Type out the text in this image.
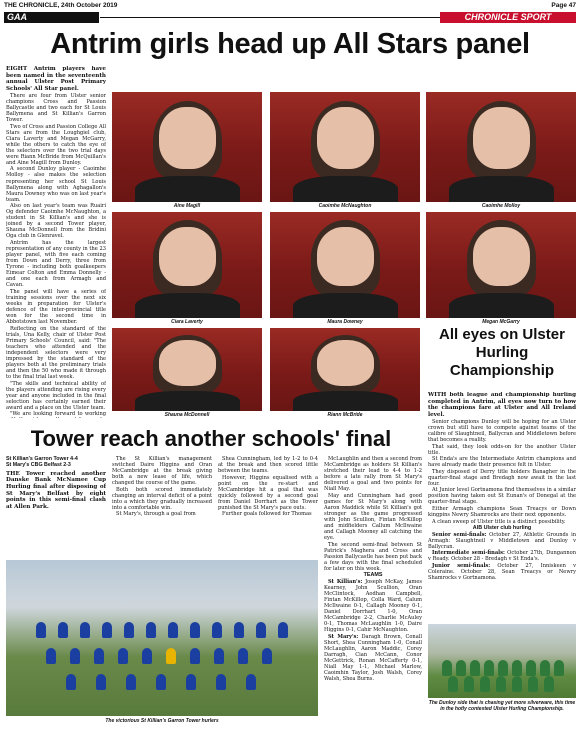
THE CHRONICLE, 24th October 2019	Page 47
GAA	CHRONICLE SPORT
Antrim girls head up All Stars panel

EIGHT Antrim players have been named in the seventeenth annual Ulster Post Primary Schools' All Star panel.

There are four from Ulster senior champions Cross and Passion Ballycastle and two each for St Louis Ballymena and St Killian's Garron Tower.

Two of Cross and Passion College All Stars are from the Loughgiel club, Ciara Laverty and Megan McGarry, while the others to catch the eye of the selectors over the two trial days were Riann McBride from McQuillan's and Aine Magill from Dunloy.

A second Dunloy player - Caoimhe Molloy - also makes the selection representing her school St Louis Ballymena along with Aghagallon's Maura Downey who was on last year's team.

Also on last year's team was Ruairi Og defender Caoimhe McNaughton, a student in St Killian's and she is joined by a second Tower player, Shauna McDonnell from the Bridini Oga club in Glenravel.

Antrim has the largest representation of any county in the 23 player panel, with five each coming from Down and Derry, three from Tyrone - including both goalkeepers Eimear Colton and Emma Donnelly - and one each from Armagh and Cavan.

The panel will have a series of training sessions over the next six weeks in preparation for Ulster's defence of the inter-provincial title won for the second time in Abbotstown last November.

Reflecting on the standard of the trials, Una Kelly, chair of Ulster Post Primary Schools' Council, said: "The teachers who attended and the independent selectors were very impressed by the standard of the players both at the preliminary trials and then the 50 who made it through to the final trial last week.

"The skills and technical ability of the players attending are rising every year and anyone included in the final selection has certainly earned their award and a place on the Ulster team.

"We are looking forward to working

Aine Magill	Caoimhe McNaughton	Caoimhe Molloy
Ciara Laverty	Maura Downey	Megan McGarry
Shauna McDonnell	Riann McBride
All eyes on Ulster Hurling Championship

WITH both league and championship hurling completed in Antrim, all eyes now turn to how the champions fare at Ulster and All Ireland level.

Senior champions Dunloy will be hoping for an Ulster crown but still have to compete against teams of the calibre of Slaughtneil, Ballycran and Middletown before that becomes a reality.

That said, they look odds-on for the another Ulster title.

St Enda's are the Intermediate Antrim champions and have already made their presence felt in Ulster.

They disposed of Derry title holders Banagher in the quarter-final stage and Bredagh now await in the last four.

At Junior level Gortnamona find themselves in a similar position having taken out St Eunan's of Donegal at the quarter-final stage.

Either Armagh champions Sean Treacys or Down kingpins Newry Shamrocks are their next opponents.

A clean sweep of Ulster title is a distinct possibility.

AIB Ulster club hurling

Senior semi-finals: October 27, Athletic Grounds in Armagh: Slaughtneil v Middletown and Dunloy v Ballycran.

Intermediate semi-finals: October 27th, Dungannon v Ready. October 28 - Bredagh v St Enda's.

Junior semi-finals: October 27, Inniskeen v Coleraine. October 28, Sean Treacys or Newry Shamrocks v Gortnamona.

The Dunloy side that is chasing yet more silverware, this time in the hotly contested Ulster Hurling Championship.
Tower reach another schools' final
St Killian's Garron Tower 4-4
St Mary's CBG Belfast 2-3

THE Tower reached another Danske Bank McNamee Cup Hurling final after disposing of St Mary's Belfast by eight points in this semi-final clash at Allen Park.

The St Killian's management switched Daire Higgins and Oran McCambridge at the break giving both a new lease of life, which changed the course of the game.

Both both scored immediately changing an interval deficit of a point into a which they gradually increased into a comfortable win.

St Mary's, through a goal from

Shea Cunningham, led by 1-2 to 0-4 at the break and then scored little between the teams.

However, Higgins equalised with a point on the re-start and McCambridge hit a goal that was quickly followed by a second goal from Daniel Dorrhart as the Tower punished the St Mary's pace outs.

Further goals followed for Thomas

McLaughlin and then a second from McCambridge as holders St Killian's stretched their lead to 4-4 to 1-2 before a late rally from St Mary's delivered a goal and two points for Niall May.

May and Cunningham had good games for St Mary's along with Aaron Maddick while St Killian's got stronger as the game progressed with John Scullion, Fintan McKillop and midfielders Callum McIlwaine and Callagh Mooney all catching the eye.

The second semi-final between St Patrick's Maghera and Cross and Passion Ballycastle has been put back a few days with the final scheduled for later on this week.

TEAMS

St Killian's: Joseph McKay, James Kearney, John Scullion, Oran McClintock, Aodhan Campbell, Fintan McKillop, Colla Ward, Calum McIlwaine 0-1, Callagh Mooney 0-1, Daniel Dorrhart 1-0, Oran McCambridge 2-2, Charlie McAuley 0-1, Thomas McLaughlin 1-0, Daire Higgins 0-1, Cahir McNaughton.

St Mary's: Daragh Brown, Conall Short, Shea Cunningham 1-0, Conall McLaughlin, Aaron Maddic, Corey Darragh, Cian McCann, Conor McGettrick, Ronan McCafferty 0-1, Niall May 1-1, Michael Marlow, Caoimhin Taylor, Josh Walsh, Corey Walsh, Shea Burns.

The victorious St Killian's Garron Tower hurlers
